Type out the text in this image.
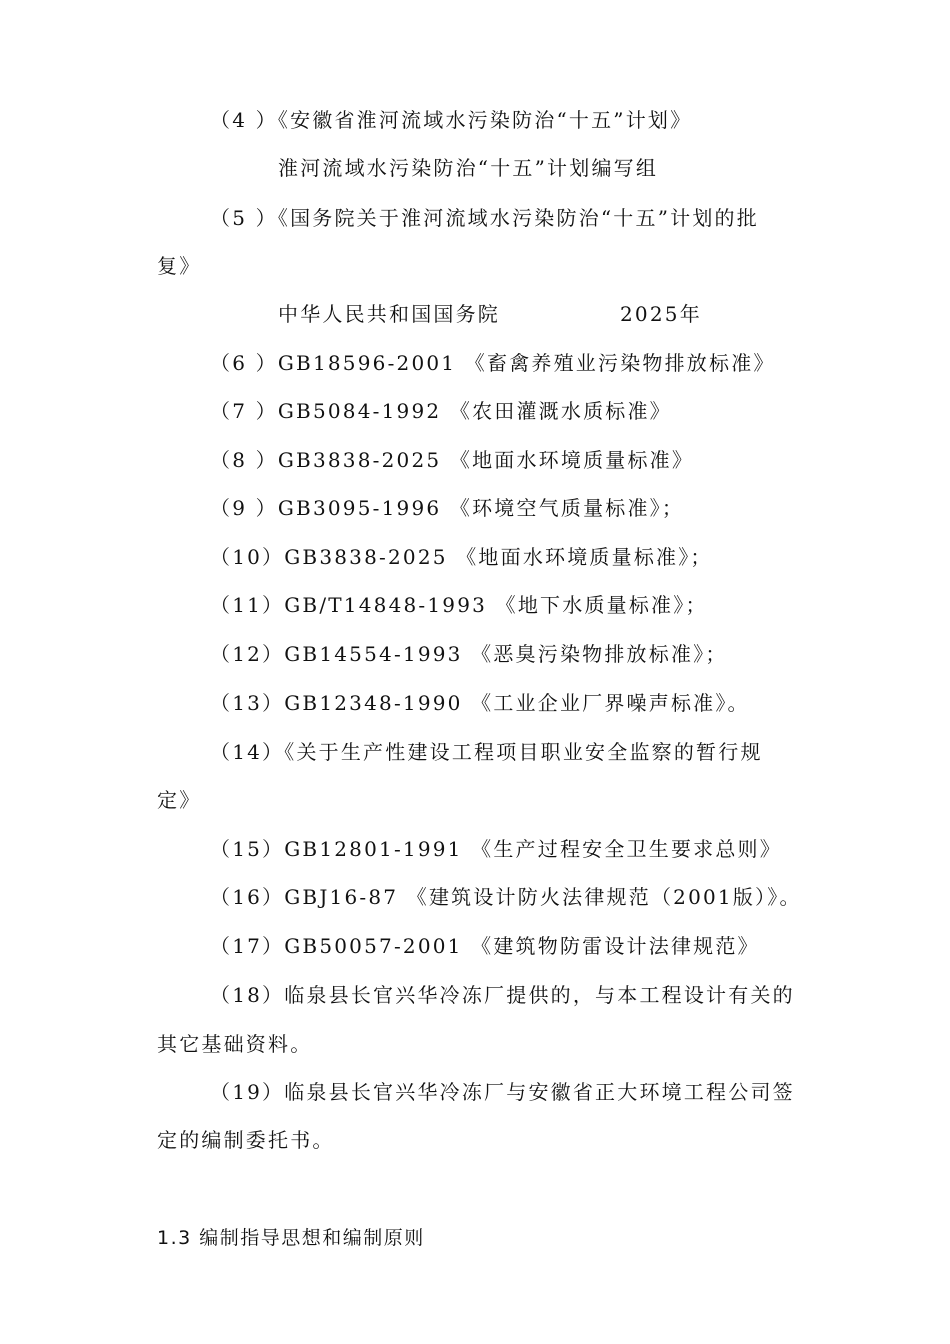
（4 ）《安徽省淮河流域水污染防治“十五”计划》
淮河流域水污染防治“十五”计划编写组
（5 ）《国务院关于淮河流域水污染防治“十五”计划的批
复》
中华人民共和国国务院	2025年
（6 ）GB18596-2001 《畜禽养殖业污染物排放标准》
（7 ）GB5084-1992 《农田灌溉水质标准》
（8 ）GB3838-2025 《地面水环境质量标准》
（9 ）GB3095-1996 《环境空气质量标准》；
（10）GB3838-2025 《地面水环境质量标准》；
（11）GB/T14848-1993 《地下水质量标准》；
（12）GB14554-1993 《恶臭污染物排放标准》；
（13）GB12348-1990 《工业企业厂界噪声标准》。
（14）《关于生产性建设工程项目职业安全监察的暂行规
定》
（15）GB12801-1991 《生产过程安全卫生要求总则》
（16）GBJ16-87 《建筑设计防火法律规范（2001版）》。
（17）GB50057-2001 《建筑物防雷设计法律规范》
（18）临泉县长官兴华冷冻厂提供的，与本工程设计有关的
其它基础资料。
（19）临泉县长官兴华冷冻厂与安徽省正大环境工程公司签
定的编制委托书。
1.3 编制指导思想和编制原则
